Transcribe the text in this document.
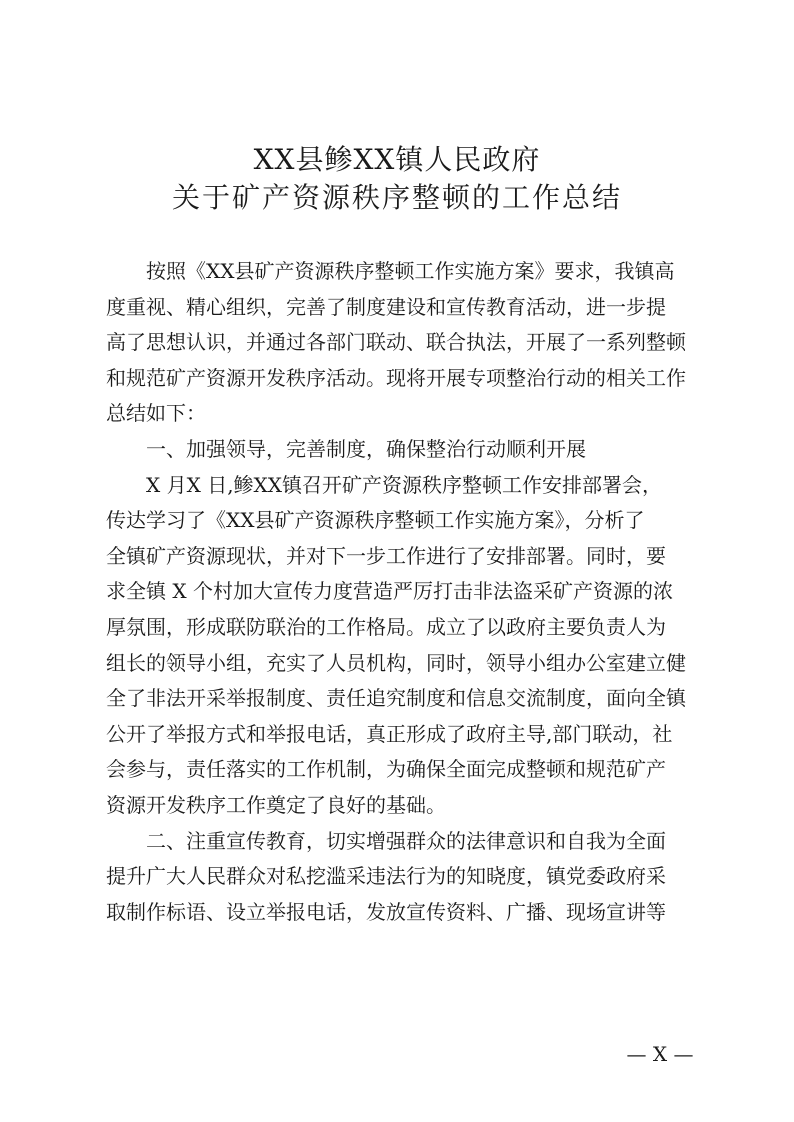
XX县鲹XX镇人民政府
关于矿产资源秩序整顿的工作总结
按照《XX县矿产资源秩序整顿工作实施方案》要求，我镇高
度重视、精心组织，完善了制度建设和宣传教育活动，进一步提
高了思想认识，并通过各部门联动、联合执法，开展了一系列整顿
和规范矿产资源开发秩序活动。现将开展专项整治行动的相关工作
总结如下：
一、加强领导，完善制度，确保整治行动顺利开展
X 月X 日,鲹XX镇召开矿产资源秩序整顿工作安排部署会，
传达学习了《XX县矿产资源秩序整顿工作实施方案》，分析了
全镇矿产资源现状，并对下一步工作进行了安排部署。同时，要
求全镇 X 个村加大宣传力度营造严厉打击非法盗采矿产资源的浓
厚氛围，形成联防联治的工作格局。成立了以政府主要负责人为
组长的领导小组，充实了人员机构，同时，领导小组办公室建立健
全了非法开采举报制度、责任追究制度和信息交流制度，面向全镇
公开了举报方式和举报电话，真正形成了政府主导,部门联动，社
会参与，责任落实的工作机制，为确保全面完成整顿和规范矿产
资源开发秩序工作奠定了良好的基础。
二、注重宣传教育，切实增强群众的法律意识和自我为全面
提升广大人民群众对私挖滥采违法行为的知晓度，镇党委政府采
取制作标语、设立举报电话，发放宣传资料、广播、现场宣讲等
— X —
